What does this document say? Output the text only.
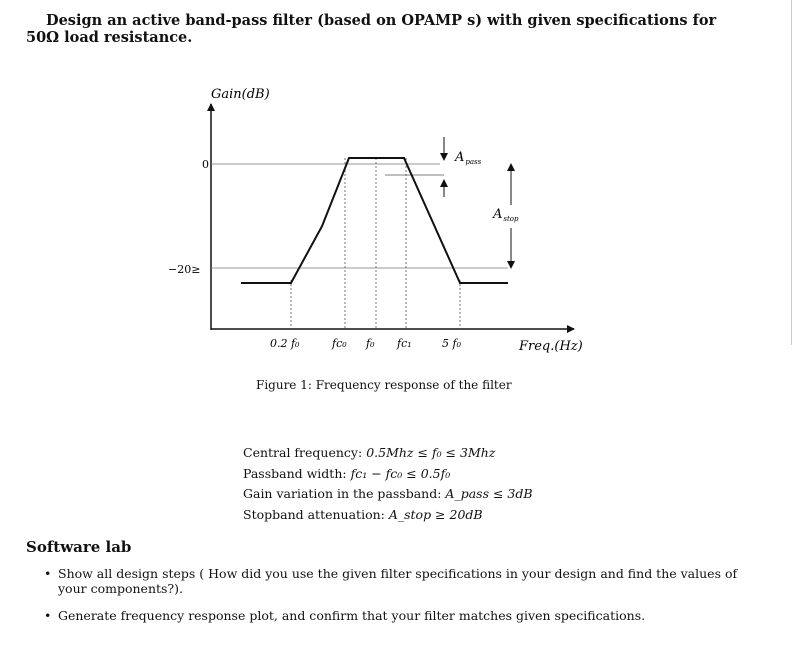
Design an active band-pass filter (based on OPAMP s) with given specifications for 50Ω load resistance.
$A_{pass}$
$A_{stop}$
Gain(dB)
Freq.(Hz)
0
−20≥
0.2 f₀	fc₀ f₀ fc₁	5 f₀
Figure 1: Frequency response of the filter
Central frequency: 0.5Mhz ≤ f₀ ≤ 3Mhz
Passband width: fc₁ − fc₀ ≤ 0.5f₀
Gain variation in the passband: A_pass ≤ 3dB
Stopband attenuation: A_stop ≥ 20dB
Software lab
• Show all design steps ( How did you use the given filter specifications in your design and find the values of your components?).
• Generate frequency response plot, and confirm that your filter matches given specifications.
